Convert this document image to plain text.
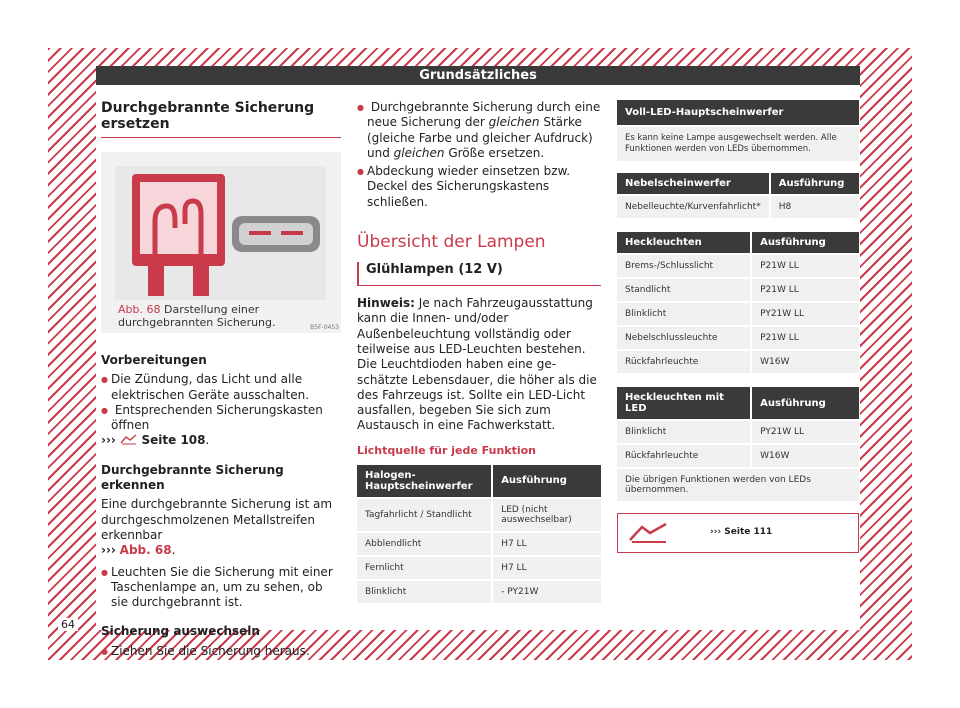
Grundsätzliches
64
Durchgebrannte Sicherung ersetzen
B5F-0453
Abb. 68 Darstellung einer durchgebrannten Sicherung.

Vorbereitungen

● Die Zündung, das Licht und alle elektrischen Geräte ausschalten.

● Entsprechenden Sicherungskasten öffnen

››› Seite 108.

Durchgebrannte Sicherung erkennen

Eine durchgebrannte Sicherung ist am durchgeschmolzenen Metallstreifen erkennbar

››› Abb. 68.

● Leuchten Sie die Sicherung mit einer Taschenlampe an, um zu sehen, ob sie durchgebrannt ist.

Sicherung auswechseln

● Ziehen Sie die Sicherung heraus.

● Durchgebrannte Sicherung durch eine neue Sicherung der gleichen Stärke (gleiche Farbe und gleicher Aufdruck) und gleichen Größe ersetzen.

● Abdeckung wieder einsetzen bzw. Deckel des Sicherungskastens schließen.

Übersicht der Lampen
Glühlampen (12 V)

Hinweis: Je nach Fahrzeugausstattung kann die Innen- und/oder Außenbeleuchtung vollständig oder teilweise aus LED-Leuchten bestehen. Die Leuchtdioden haben eine geschätzte Lebensdauer, die höher als die des Fahrzeugs ist. Sollte ein LED-Licht ausfallen, begeben Sie sich zum Austausch in eine Fachwerkstatt.

Lichtquelle für jede Funktion
Halogen-Hauptscheinwerfer	Ausführung
Tagfahrlicht / Standlicht	LED (nicht auswechselbar)
Abblendlicht	H7 LL
Fernlicht	H7 LL
Blinklicht	- PY21W
Voll-LED-Hauptscheinwerfer
Es kann keine Lampe ausgewechselt werden. Alle Funktionen werden von LEDs übernommen.
Nebelscheinwerfer	Ausführung
Nebelleuchte/Kurvenfahrlicht*	H8
Heckleuchten	Ausführung
Brems-/Schlusslicht	P21W LL
Standlicht	P21W LL
Blinklicht	PY21W LL
Nebelschlussleuchte	P21W LL
Rückfahrleuchte	W16W
Heckleuchten mit LED	Ausführung
Blinklicht	PY21W LL
Rückfahrleuchte	W16W
Die übrigen Funktionen werden von LEDs übernommen.	
››› Seite 111
